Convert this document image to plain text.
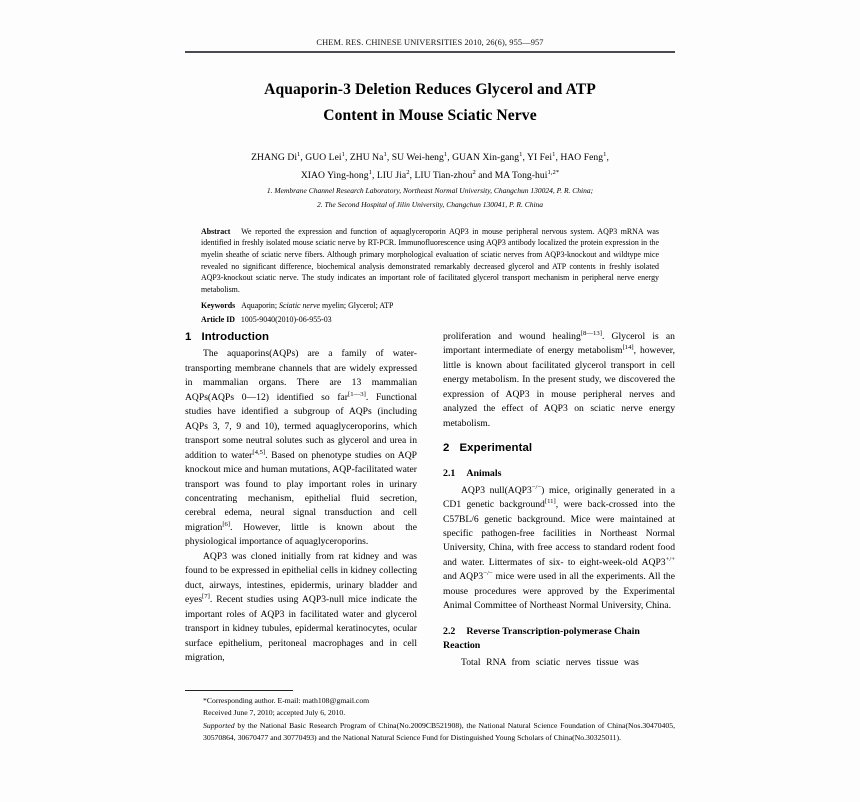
CHEM. RES. CHINESE UNIVERSITIES 2010, 26(6), 955—957
Aquaporin-3 Deletion Reduces Glycerol and ATP
Content in Mouse Sciatic Nerve
ZHANG Di$^1$, GUO Lei$^1$, ZHU Na$^1$, SU Wei-heng$^1$, GUAN Xin-gang$^1$, YI Fei$^1$, HAO Feng$^1$,
XIAO Ying-hong$^1$, LIU Jia$^2$, LIU Tian-zhou$^2$ and MA Tong-hui$^{1,2*}$
1. Membrane Channel Research Laboratory, Northeast Normal University, Changchun 130024, P. R. China;
2. The Second Hospital of Jilin University, Changchun 130041, P. R. China

Abstract We reported the expression and function of aquaglyceroporin AQP3 in mouse peripheral nervous system. AQP3 mRNA was identified in freshly isolated mouse sciatic nerve by RT-PCR. Immunofluorescence using AQP3 antibody localized the protein expression in the myelin sheathe of sciatic nerve fibers. Although primary morphological evaluation of sciatic nerves from AQP3-knockout and wildtype mice revealed no significant difference, biochemical analysis demonstrated remarkably decreased glycerol and ATP contents in freshly isolated AQP3-knockout sciatic nerve. The study indicates an important role of facilitated glycerol transport mechanism in peripheral nerve energy metabolism.

Keywords Aquaporin; Sciatic nerve myelin; Glycerol; ATP

Article ID 1005-9040(2010)-06-955-03

1 Introduction

The aquaporins(AQPs) are a family of water-transporting membrane channels that are widely expressed in mammalian organs. There are 13 mammalian AQPs(AQPs 0—12) identified so far[1—3]. Functional studies have identified a subgroup of AQPs (including AQPs 3, 7, 9 and 10), termed aquaglyceroporins, which transport some neutral solutes such as glycerol and urea in addition to water[4,5]. Based on phenotype studies on AQP knockout mice and human mutations, AQP-facilitated water transport was found to play important roles in urinary concentrating mechanism, epithelial fluid secretion, cerebral edema, neural signal transduction and cell migration[6]. However, little is known about the physiological importance of aquaglyceroporins.

AQP3 was cloned initially from rat kidney and was found to be expressed in epithelial cells in kidney collecting duct, airways, intestines, epidermis, urinary bladder and eyes[7]. Recent studies using AQP3-null mice indicate the important roles of AQP3 in facilitated water and glycerol transport in kidney tubules, epidermal keratinocytes, ocular surface epithelium, peritoneal macrophages and in cell migration,

proliferation and wound healing[8—13]. Glycerol is an important intermediate of energy metabolism[14], however, little is known about facilitated glycerol transport in cell energy metabolism. In the present study, we discovered the expression of AQP3 in mouse peripheral nerves and analyzed the effect of AQP3 on sciatic nerve energy metabolism.

2 Experimental
2.1 Animals

AQP3 null(AQP3−/−) mice, originally generated in a CD1 genetic background[11], were back-crossed into the C57BL/6 genetic background. Mice were maintained at specific pathogen-free facilities in Northeast Normal University, China, with free access to standard rodent food and water. Littermates of six- to eight-week-old AQP3+/+ and AQP3−/− mice were used in all the experiments. All the mouse procedures were approved by the Experimental Animal Committee of Northeast Normal University, China.

2.2 Reverse Transcription-polymerase Chain
Reaction

Total RNA from sciatic nerves tissue was

*Corresponding author. E-mail: math108@gmail.com

Received June 7, 2010; accepted July 6, 2010.

Supported by the National Basic Research Program of China(No.2009CB521908), the National Natural Science Foundation of China(Nos.30470405, 30570864, 30670477 and 30770493) and the National Natural Science Fund for Distinguished Young Scholars of China(No.30325011).
